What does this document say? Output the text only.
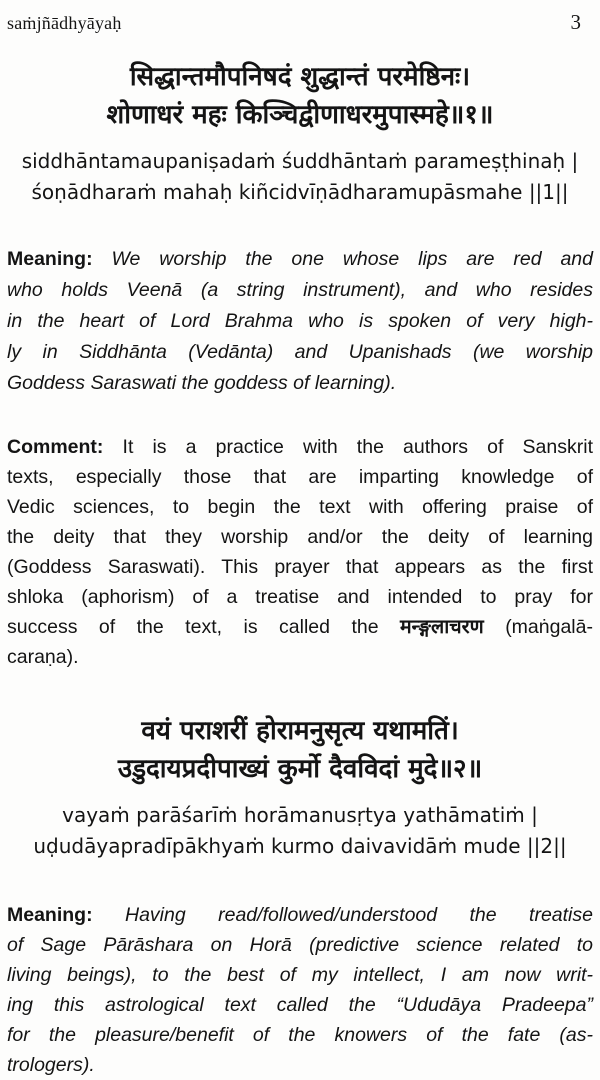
saṁjñādhyāyaḥ	3
सिद्धान्तमौपनिषदं शुद्धान्तं परमेष्ठिनः।
शोणाधरं महः किञ्चिद्वीणाधरमुपास्महे॥१॥
siddhāntamaupaniṣadaṁ śuddhāntaṁ parameṣṭhinaḥ |
śoṇādharaṁ mahaḥ kiñcidvīṇādharamupāsmahe ||1||
Meaning: We worship the one whose lips are red and
who holds Veenā (a string instrument), and who resides
in the heart of Lord Brahma who is spoken of very high-
ly in Siddhānta (Vedānta) and Upanishads (we worship
Goddess Saraswati the goddess of learning).
Comment: It is a practice with the authors of Sanskrit
texts, especially those that are imparting knowledge of
Vedic sciences, to begin the text with offering praise of
the deity that they worship and/or the deity of learning
(Goddess Saraswati). This prayer that appears as the first
shloka (aphorism) of a treatise and intended to pray for
success of the text, is called the मन्ङ्गलाचरण (maṅgalā-
caraṇa).
वयं पराशरीं होरामनुसृत्य यथामतिं।
उडुदायप्रदीपाख्यं कुर्मो दैवविदां मुदे॥२॥
vayaṁ parāśarīṁ horāmanusṛtya yathāmatiṁ |
uḍudāyapradīpākhyaṁ kurmo daivavidāṁ mude ||2||
Meaning: Having read/followed/understood the treatise
of Sage Pārāshara on Horā (predictive science related to
living beings), to the best of my intellect, I am now writ-
ing this astrological text called the “Ududāya Pradeepa”
for the pleasure/benefit of the knowers of the fate (as-
trologers).
